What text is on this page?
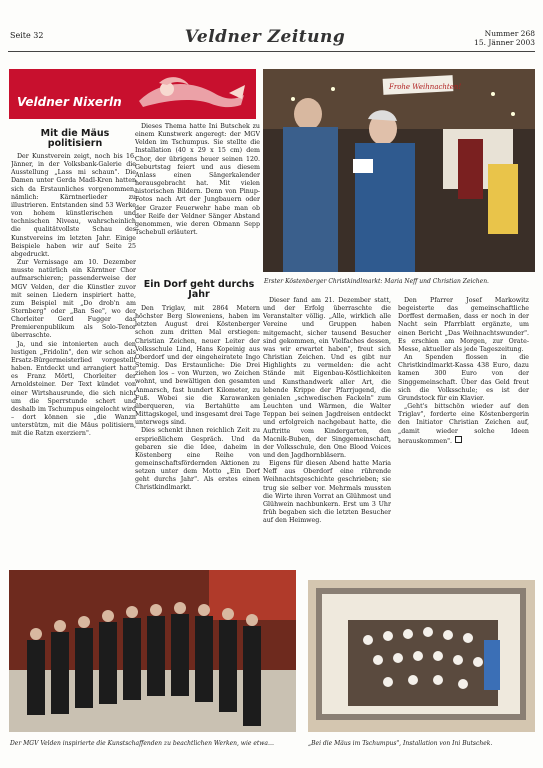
Seite 32	Veldner Zeitung	Nummer 268
15. Jänner 2003
Veldner Nixerln
Frohe Weihnachten!
Erster Köstenberger Christkindlmarkt: Maria Neff und Christian Zeichen.
Mit die Mäus politisiern

Der Kunstverein zeigt, noch bis 16. Jänner, in der Volksbank-Galerie die Ausstellung „Lass mi schaun". Die Damen unter Gerda Madl-Kren hatten sich da Erstaunliches vorgenommen, nämlich: Kärntnerlieder zu illustrieren. Entstanden sind 53 Werke von hohem künstlerischen und technischen Niveau, wahrscheinlich die qualitätvollste Schau des Kunstvereins im letzten Jahr. Einige Beispiele haben wir auf Seite 25 abgedruckt.

Zur Vernissage am 10. Dezember musste natürlich ein Kärntner Chor aufmarschieren; passenderweise der MGV Velden, der die Künstler zuvor mit seinen Liedern inspiriert hatte, zum Beispiel mit „Do drob'n am Sternberg" oder „Ban See", wo der Chorleiter Gerd Fugger das Premierenpublikum als Solo-Tenor überraschte.

Ja, und sie intonierten auch den lustigen „Fridolin", den wir schon als Ersatz-Bürgermeisterlied vorgestellt haben. Entdeckt und arrangiert hatte es Franz Mörtl, Chorleiter der Arnoldsteiner. Der Text kündet von einer Wirtshausrunde, die sich nicht um die Sperrstunde schert und deshalb im Tschumpus eingelocht wird – dort können sie „die Wanzn unterstützn, mit die Mäus politisiern, mit die Ratzn exerziern".

Dieses Thema hatte Ini Butschek zu einem Kunstwerk angeregt: der MGV Velden im Tschumpus. Sie stellte die Installation (40 x 29 x 15 cm) dem Chor, der übrigens heuer seinen 120. Geburtstag feiert und aus diesem Anlass einen Sängerkalender herausgebracht hat. Mit vielen historischen Bildern. Denn von Pinup-Fotos nach Art der Jungbauern oder der Grazer Feuerwehr habe man ob der Reife der Veldner Sänger Abstand genommen, wie deren Obmann Sepp Tschebull erläutert.

Ein Dorf geht durchs Jahr

Den Triglav, mit 2864 Metern höchster Berg Sloweniens, haben im letzten August drei Köstenberger schon zum dritten Mal erstiegen: Christian Zeichen, neuer Leiter der Volksschule Lind, Hans Kopeinig aus Oberdorf und der eingeheiratete Ingo Stemig. Das Erstaunliche: Die Drei ziehen los – von Wurzen, wo Zeichen wohnt, und bewältigen den gesamten Anmarsch, fast hundert Kilometer, zu Fuß. Wobei sie die Karawanken überqueren, via Bertahütte am Mittagskogel, und insgesamt drei Tage unterwegs sind.

Dies schenkt ihnen reichlich Zeit zu ersprießlichem Gespräch. Und da gebaren sie die Idee, daheim in Köstenberg eine Reihe von gemeinschaftsfördernden Aktionen zu setzen unter dem Motto „Ein Dorf geht durchs Jahr". Als erstes einen Christkindlmarkt.

Dieser fand am 21. Dezember statt, und der Erfolg überraschte die Veranstalter völlig. „Alle, wirklich alle Vereine und Gruppen haben mitgemacht, sicher tausend Besucher sind gekommen, ein Vielfaches dessen, was wir erwartet haben", freut sich Christian Zeichen. Und es gibt nur Highlights zu vermelden: die acht Stände mit Eigenbau-Köstlichkeiten und Kunsthandwerk aller Art, die lebende Krippe der Pfarrjugend, die genialen „schwedischen Fackeln" zum Leuchten und Wärmen, die Walter Teppan bei seinen Jagdreisen entdeckt und erfolgreich nachgebaut hatte, die Auftritte vom Kindergarten, den Macnik-Buben, der Singgemeinschaft, der Volksschule, den One Blood Voices und den Jagdhornbläsern.

Eigens für diesen Abend hatte Maria Neff aus Oberdorf eine rührende Weihnachtsgeschichte geschrieben; sie trug sie selber vor. Mehrmals mussten die Wirte ihren Vorrat an Glühmost und Glühwein nachbunkern. Erst um 3 Uhr früh begaben sich die letzten Besucher auf den Heimweg.

Den Pfarrer Josef Markowitz begeisterte das gemeinschaftliche Dorffest dermaßen, dass er noch in der Nacht sein Pfarrblatt ergänzte, um einen Bericht „Das Weihnachtswunder". Es erschien am Morgen, zur Orate-Messe, aktueller als jede Tageszeitung.

An Spenden flossen in die Christkindlmarkt-Kassa 438 Euro, dazu kamen 300 Euro von der Singgemeinschaft. Über das Geld freut sich die Volksschule; es ist der Grundstock für ein Klavier.

„Geht's bittschön wieder auf den Triglav", forderte eine Köstenbergerin den Initiator Christian Zeichen auf, „damit wieder solche Ideen herauskommen".

Der MGV Velden inspirierte die Kunstschaffenden zu beachtlichen Werken, wie etwa…	„Bei die Mäus im Tschumpus", Installation von Ini Butschek.
